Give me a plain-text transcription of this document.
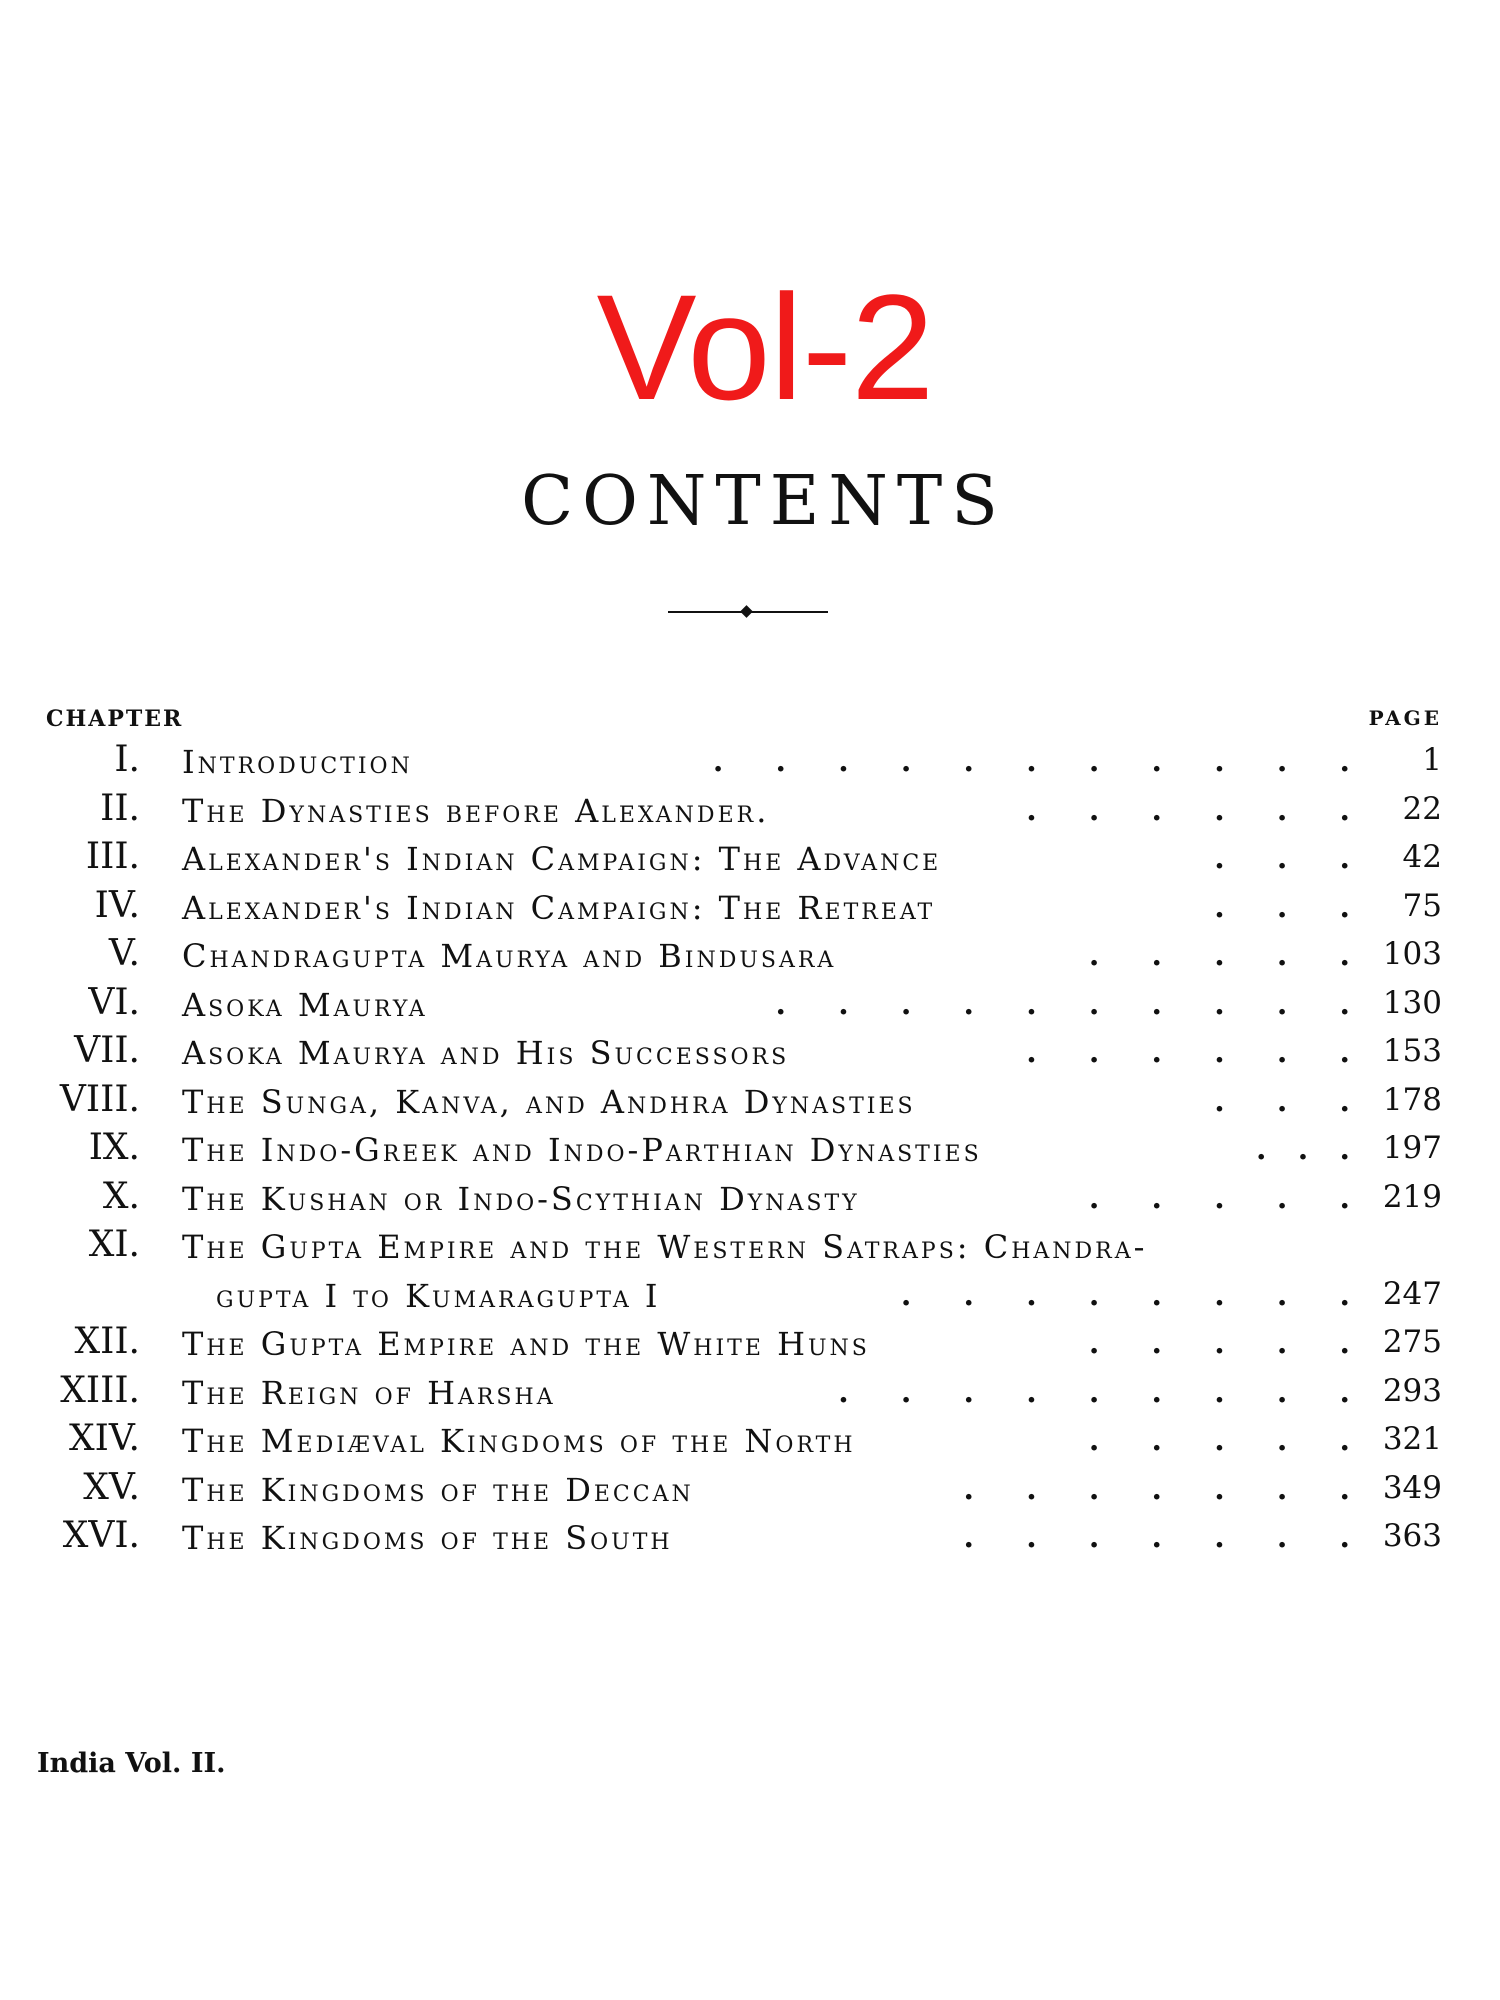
Vol-2
CONTENTS
CHAPTER	PAGE
I. Introduction	.     .     .     .     .     .     .     .     .     .     . 1
II. The Dynasties before Alexander.	.     .     .     .     .     . 22
III. Alexander's Indian Campaign: The Advance	.     .     . 42
IV. Alexander's Indian Campaign: The Retreat	.     .     . 75
V. Chandragupta Maurya and Bindusara	.     .     .     .     . 103
VI. Asoka Maurya	.     .     .     .     .     .     .     .     .     . 130
VII. Asoka Maurya and His Successors	.     .     .     .     .     . 153
VIII. The Sunga, Kanva, and Andhra Dynasties	.     .     . 178
IX. The Indo-Greek and Indo-Parthian Dynasties	.   .   . 197
X. The Kushan or Indo-Scythian Dynasty	.     .     .     .     . 219
XI. The Gupta Empire and the Western Satraps: Chandra-
gupta I to Kumaragupta I	.     .     .     .     .     .     .     . 247
XII. The Gupta Empire and the White Huns	.     .     .     .     . 275
XIII. The Reign of Harsha	.     .     .     .     .     .     .     .     . 293
XIV. The Mediæval Kingdoms of the North	.     .     .     .     . 321
XV. The Kingdoms of the Deccan	.     .     .     .     .     .     . 349
XVI. The Kingdoms of the South	.     .     .     .     .     .     . 363
India Vol. II.
